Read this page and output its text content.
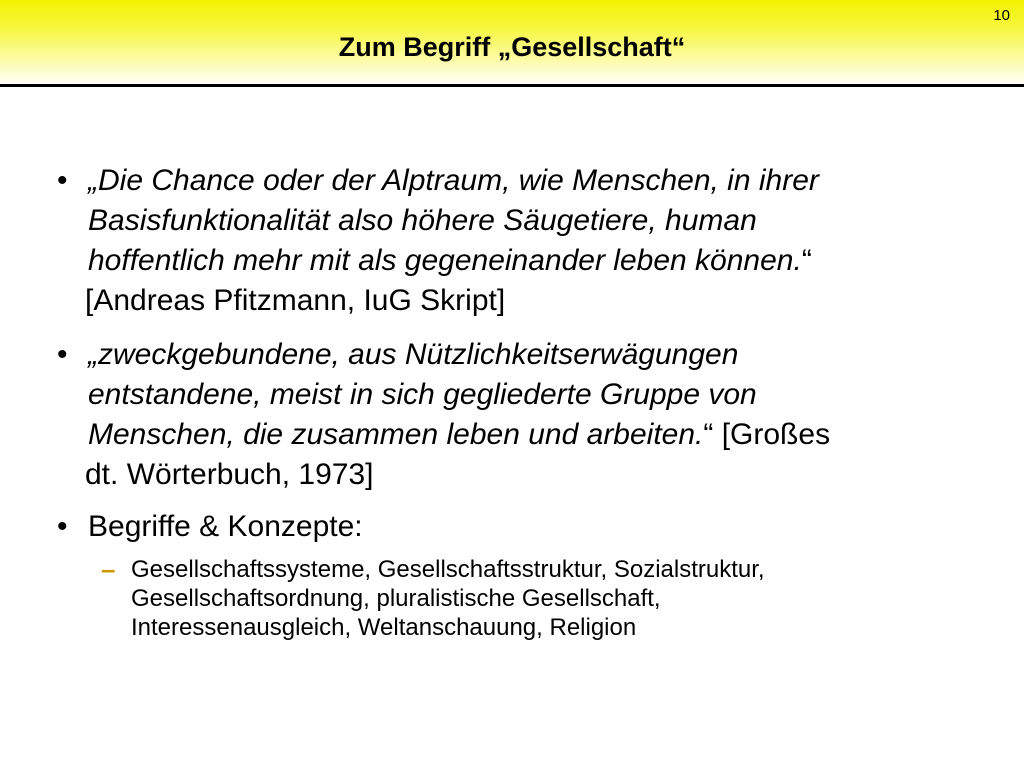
10
Zum Begriff „Gesellschaft“
• „Die Chance oder der Alptraum, wie Menschen, in ihrer
Basisfunktionalität also höhere Säugetiere, human
hoffentlich mehr mit als gegeneinander leben können.“
[Andreas Pfitzmann, IuG Skript]
• „zweckgebundene, aus Nützlichkeitserwägungen
entstandene, meist in sich gegliederte Gruppe von
Menschen, die zusammen leben und arbeiten.“ [Großes
dt. Wörterbuch, 1973]
• Begriffe & Konzepte:
– Gesellschaftssysteme, Gesellschaftsstruktur, Sozialstruktur,
Gesellschaftsordnung, pluralistische Gesellschaft,
Interessenausgleich, Weltanschauung, Religion
